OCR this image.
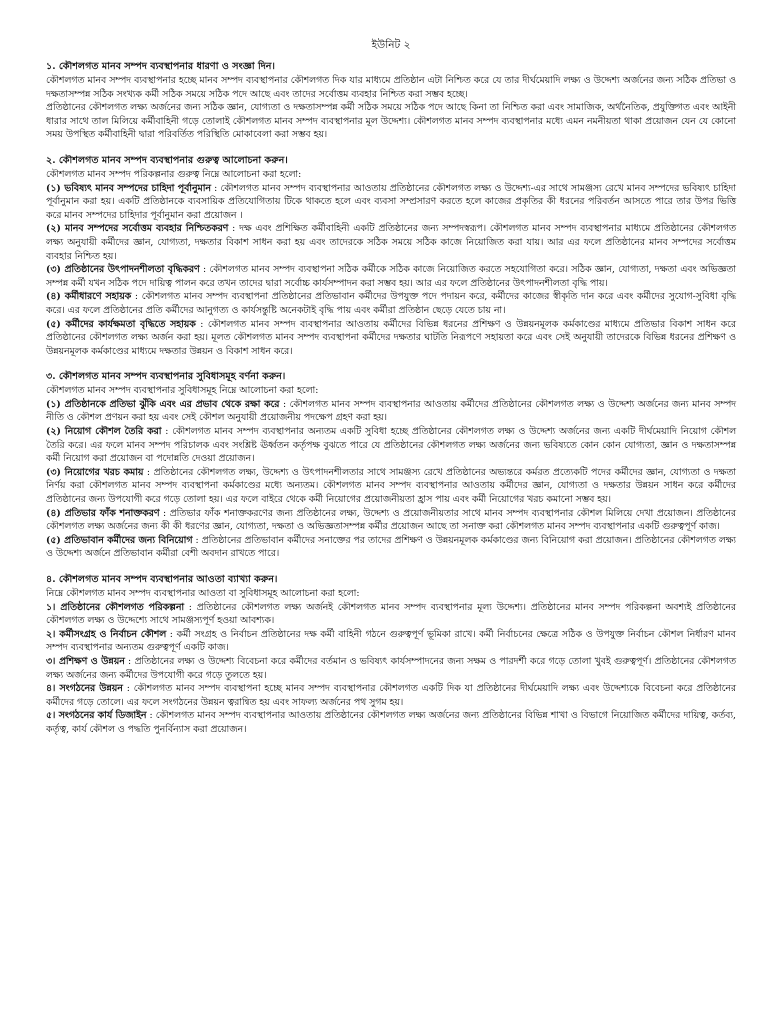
ইউনিট ২

১. কৌশলগত মানব সম্পদ ব্যবস্থাপনার ধারণা ও সংজ্ঞা দিন।

কৌশলগত মানব সম্পদ ব্যবস্থাপনার হচ্ছে মানব সম্পদ ব্যবস্থাপনার কৌশলগত দিক যার মাধ্যমে প্রতিষ্ঠান এটা নিশ্চিত করে যে তার দীর্ঘমেয়াদি লক্ষ্য ও উদ্দেশ্য অর্জনের জন্য সঠিক প্রতিভা ও দক্ষতাসম্পন্ন সঠিক সংখ্যক কর্মী সঠিক সময়ে সঠিক পদে আছে এবং তাদের সর্বোত্তম ব্যবহার নিশ্চিত করা সম্ভব হচ্ছে।

প্রতিষ্ঠানের কৌশলগত লক্ষ্য অর্জনের জন্য সঠিক জ্ঞান, যোগ্যতা ও দক্ষতাসম্পন্ন কর্মী সঠিক সময়ে সঠিক পদে আছে কিনা তা নিশ্চিত করা এবং সামাজিক, অর্থনৈতিক, প্রযুক্তিগত এবং আইনী ধারার সাথে তাল মিলিয়ে কর্মীবাহিনী গড়ে তোলাই কৌশলগত মানব সম্পদ ব্যবস্থাপনার মূল উদ্দেশ্য। কৌশলগত মানব সম্পদ ব্যবস্থাপনার মধ্যে এমন নমনীয়তা থাকা প্রয়োজন যেন যে কোনো সময় উপস্থিত কর্মীবাহিনী দ্বারা পরিবর্তিত পরিস্থিতি মোকাবেলা করা সম্ভব হয়।

২. কৌশলগত মানব সম্পদ ব্যবস্থাপনার গুরুত্ব আলোচনা করুন।

কৌশলগত মানব সম্পদ পরিকল্পনার গুরুত্ব নিম্নে আলোচনা করা হলো:

(১) ভবিষ্যৎ মানব সম্পদের চাহিদা পূর্বানুমান : কৌশলগত মানব সম্পদ ব্যবস্থাপনার আওতায় প্রতিষ্ঠানের কৌশলগত লক্ষ্য ও উদ্দেশ্য-এর সাথে সামঞ্জস্য রেখে মানব সম্পদের ভবিষ্যৎ চাহিদা পূর্বানুমান করা হয়। একটি প্রতিষ্ঠানকে ব্যবসায়িক প্রতিযোগিতায় টিকে থাকতে হলে এবং ব্যবসা সম্প্রসারণ করতে হলে কাজের প্রকৃতির কী ধরনের পরিবর্তন আসতে পারে তার উপর ভিত্তি করে মানব সম্পদের চাহিদার পূর্বানুমান করা প্রয়োজন ।

(২) মানব সম্পদের সর্বোত্তম ব্যবহার নিশ্চিতকরণ : দক্ষ এবং প্রশিক্ষিত কর্মীবাহিনী একটি প্রতিষ্ঠানের জন্য সম্পদস্বরূপ। কৌশলগত মানব সম্পদ ব্যবস্থাপনার মাধ্যমে প্রতিষ্ঠানের কৌশলগত লক্ষ্য অনুযায়ী কর্মীদের জ্ঞান, যোগ্যতা, দক্ষতার বিকাশ সাধন করা হয় এবং তাদেরকে সঠিক সময়ে সঠিক কাজে নিয়োজিত করা যায়। আর এর ফলে প্রতিষ্ঠানের মানব সম্পদের সর্বোত্তম ব্যবহার নিশ্চিত হয়।

(৩) প্রতিষ্ঠানের উৎপাদনশীলতা বৃদ্ধিকরণ : কৌশলগত মানব সম্পদ ব্যবস্থাপনা সঠিক কর্মীকে সঠিক কাজে নিয়োজিত করতে সহযোগিতা করে। সঠিক জ্ঞান, যোগ্যতা, দক্ষতা এবং অভিজ্ঞতা সম্পন্ন কর্মী যখন সঠিক পদে দায়িত্ব পালন করে তখন তাদের দ্বারা সর্বোচ্চ কার্যসম্পাদন করা সম্ভব হয়। আর এর ফলে প্রতিষ্ঠানের উৎপাদনশীলতা বৃদ্ধি পায়।

(৪) কর্মীধারণে সহায়ক : কৌশলগত মানব সম্পদ ব্যবস্থাপনা প্রতিষ্ঠানের প্রতিভাবান কর্মীদের উপযুক্ত পদে পদায়ন করে, কর্মীদের কাজের স্বীকৃতি দান করে এবং কর্মীদের সুযোগ-সুবিধা বৃদ্ধি করে। এর ফলে প্রতিষ্ঠানের প্রতি কর্মীদের আনুগত্য ও কার্যসন্তুষ্টি অনেকটাই বৃদ্ধি পায় এবং কর্মীরা প্রতিষ্ঠান ছেড়ে যেতে চায় না।

(৫) কর্মীদের কার্যক্ষমতা বৃদ্ধিতে সহায়ক : কৌশলগত মানব সম্পদ ব্যবস্থাপনার আওতায় কর্মীদের বিভিন্ন ধরনের প্রশিক্ষণ ও উন্নয়নমূলক কর্মকাণ্ডের মাধ্যমে প্রতিভার বিকাশ সাধন করে প্রতিষ্ঠানের কৌশলগত লক্ষ্য অর্জন করা হয়। মূলত কৌশলগত মানব সম্পদ ব্যবস্থাপনা কর্মীদের দক্ষতার ঘাটতি নিরূপণে সহায়তা করে এবং সেই অনুযায়ী তাদেরকে বিভিন্ন ধরনের প্রশিক্ষণ ও উন্নয়নমূলক কর্মকাণ্ডের মাধ্যমে দক্ষতার উন্নয়ন ও বিকাশ সাধন করে।

৩. কৌশলগত মানব সম্পদ ব্যবস্থাপনার সুবিধাসমূহ বর্ণনা করুন।

কৌশলগত মানব সম্পদ ব্যবস্থাপনার সুবিধাসমূহ নিম্নে আলোচনা করা হলো:

(১) প্রতিষ্ঠানকে প্রতিভা ঝুঁকি এবং এর প্রভাব থেকে রক্ষা করে : কৌশলগত মানব সম্পদ ব্যবস্থাপনার আওতায় কর্মীদের প্রতিষ্ঠানের কৌশলগত লক্ষ্য ও উদ্দেশ্য অর্জনের জন্য মানব সম্পদ নীতি ও কৌশল প্রণয়ন করা হয় এবং সেই কৌশল অনুযায়ী প্রয়োজনীয় পদক্ষেপ গ্রহণ করা হয়।

(২) নিয়োগ কৌশল তৈরি করা : কৌশলগত মানব সম্পদ ব্যবস্থাপনার অন্যতম একটি সুবিধা হচ্ছে প্রতিষ্ঠানের কৌশলগত লক্ষ্য ও উদ্দেশ্য অর্জনের জন্য একটি দীর্ঘমেয়াদি নিয়োগ কৌশল তৈরি করে। এর ফলে মানব সম্পদ পরিচালক এবং সংশ্লিষ্ট ঊর্ধ্বতন কর্তৃপক্ষ বুঝতে পারে যে প্রতিষ্ঠানের কৌশলগত লক্ষ্য অর্জনের জন্য ভবিষ্যতে কোন কোন যোগ্যতা, জ্ঞান ও দক্ষতাসম্পন্ন কর্মী নিয়োগ করা প্রয়োজন বা পদোন্নতি দেওয়া প্রয়োজন।

(৩) নিয়োগের খরচ কমায় : প্রতিষ্ঠানের কৌশলগত লক্ষ্য, উদ্দেশ্য ও উৎপাদনশীলতার সাথে সামঞ্জস্য রেখে প্রতিষ্ঠানের অভ্যন্তরে কর্মরত প্রত্যেকটি পদের কর্মীদের জ্ঞান, যোগ্যতা ও দক্ষতা নির্ণয় করা কৌশলগত মানব সম্পদ ব্যবস্থাপনা কর্মকাণ্ডের মধ্যে অন্যতম। কৌশলগত মানব সম্পদ ব্যবস্থাপনার আওতায় কর্মীদের জ্ঞান, যোগ্যতা ও দক্ষতার উন্নয়ন সাধন করে কর্মীদের প্রতিষ্ঠানের জন্য উপযোগী করে গড়ে তোলা হয়। এর ফলে বাইরে থেকে কর্মী নিয়োগের প্রয়োজনীয়তা হ্রাস পায় এবং কর্মী নিয়োগের খরচ কমানো সম্ভব হয়।

(৪) প্রতিভার ফাঁক শনাক্তকরণ : প্রতিভার ফাঁক শনাক্তকরণের জন্য প্রতিষ্ঠানের লক্ষ্য, উদ্দেশ্য ও প্রয়োজনীয়তার সাথে মানব সম্পদ ব্যবস্থাপনার কৌশল মিলিয়ে দেখা প্রয়োজন। প্রতিষ্ঠানের কৌশলগত লক্ষ্য অর্জনের জন্য কী কী ধরণের জ্ঞান, যোগ্যতা, দক্ষতা ও অভিজ্ঞতাসম্পন্ন কর্মীর প্রয়োজন আছে তা সনাক্ত করা কৌশলগত মানব সম্পদ ব্যবস্থাপনার একটি গুরুত্বপূর্ণ কাজ।

(৫) প্রতিভাবান কর্মীদের জন্য বিনিয়োগ : প্রতিষ্ঠানের প্রতিভাবান কর্মীদের সনাক্তের পর তাদের প্রশিক্ষণ ও উন্নয়নমূলক কর্মকাণ্ডের জন্য বিনিয়োগ করা প্রয়োজন। প্রতিষ্ঠানের কৌশলগত লক্ষ্য ও উদ্দেশ্য অর্জনে প্রতিভাবান কর্মীরা বেশী অবদান রাখতে পারে।

৪. কৌশলগত মানব সম্পদ ব্যবস্থাপনার আওতা ব্যাখ্যা করুন।

নিম্নে কৌশলগত মানব সম্পদ ব্যবস্থাপনার আওতা বা সুবিধাসমূহ আলোচনা করা হলো:

১। প্রতিষ্ঠানের কৌশলগত পরিকল্পনা : প্রতিষ্ঠানের কৌশলগত লক্ষ্য অর্জনই কৌশলগত মানব সম্পদ ব্যবস্থাপনার মূল্য উদ্দেশ্য। প্রতিষ্ঠানের মানব সম্পদ পরিকল্পনা অবশ্যই প্রতিষ্ঠানের কৌশলগত লক্ষ্য ও উদ্দেশ্যে সাথে সামঞ্জস্যপূর্ণ হওয়া আবশ্যক।

২। কর্মীসংগ্রহ ও নির্বাচন কৌশল : কর্মী সংগ্রহ ও নির্বাচন প্রতিষ্ঠানের দক্ষ কর্মী বাহিনী গঠনে গুরুত্বপূর্ণ ভূমিকা রাখে। কর্মী নির্বাচনের ক্ষেত্রে সঠিক ও উপযুক্ত নির্বাচন কৌশল নির্ধারণ মানব সম্পদ ব্যবস্থাপনার অন্যতম গুরুত্বপূর্ণ একটি কাজ।

৩। প্রশিক্ষণ ও উন্নয়ন : প্রতিষ্ঠানের লক্ষ্য ও উদ্দেশ্য বিবেচনা করে কর্মীদের বর্তমান ও ভবিষ্যৎ কার্যসম্পাদনের জন্য সক্ষম ও পারদর্শী করে গড়ে তোলা খুবই গুরুত্বপূর্ণ। প্রতিষ্ঠানের কৌশলগত লক্ষ্য অর্জনের জন্য কর্মীদের উপযোগী করে গড়ে তুলতে হয়।

৪। সংগঠনের উন্নয়ন : কৌশলগত মানব সম্পদ ব্যবস্থাপনা হচ্ছে মানব সম্পদ ব্যবস্থাপনার কৌশলগত একটি দিক যা প্রতিষ্ঠানের দীর্ঘমেয়াদি লক্ষ্য এবং উদ্দেশ্যকে বিবেচনা করে প্রতিষ্ঠানের কর্মীদের গড়ে তোলে। এর ফলে সংগঠনের উন্নয়ন ত্বরান্বিত হয় এবং সাফল্য অর্জনের পথ সুগম হয়।

৫। সংগঠনের কার্য ডিজাইন : কৌশলগত মানব সম্পদ ব্যবস্থাপনার আওতায় প্রতিষ্ঠানের কৌশলগত লক্ষ্য অর্জনের জন্য প্রতিষ্ঠানের বিভিন্ন শাখা ও বিভাগে নিয়োজিত কর্মীদের দায়িত্ব, কর্তব্য, কর্তৃত্ব, কার্য কৌশল ও পদ্ধতি পুনর্বিন্যাস করা প্রয়োজন।
